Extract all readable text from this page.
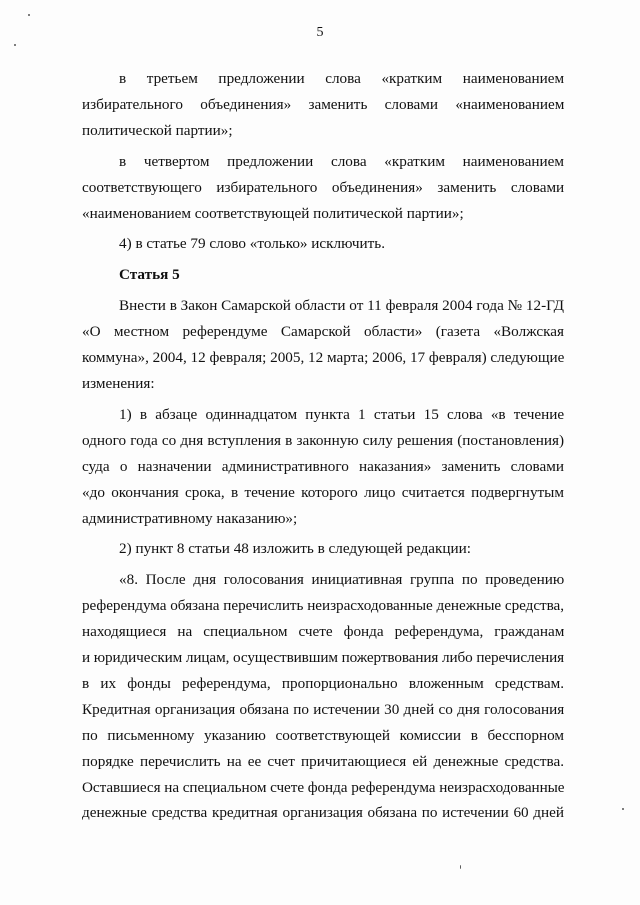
5
в третьем предложении слова «кратким наименованием
избирательного объединения» заменить словами «наименованием
политической партии»;
в четвертом предложении слова «кратким наименованием
соответствующего избирательного объединения» заменить словами
«наименованием соответствующей политической партии»;
4) в статье 79 слово «только» исключить.
Статья 5
Внести в Закон Самарской области от 11 февраля 2004 года № 12-ГД
«О местном референдуме Самарской области» (газета «Волжская
коммуна», 2004, 12 февраля; 2005, 12 марта; 2006, 17 февраля) следующие
изменения:
1) в абзаце одиннадцатом пункта 1 статьи 15 слова «в течение
одного года со дня вступления в законную силу решения (постановления)
суда о назначении административного наказания» заменить словами
«до окончания срока, в течение которого лицо считается подвергнутым
административному наказанию»;
2) пункт 8 статьи 48 изложить в следующей редакции:
«8. После дня голосования инициативная группа по проведению
референдума обязана перечислить неизрасходованные денежные средства,
находящиеся на специальном счете фонда референдума, гражданам
и юридическим лицам, осуществившим пожертвования либо перечисления
в их фонды референдума, пропорционально вложенным средствам.
Кредитная организация обязана по истечении 30 дней со дня голосования
по письменному указанию соответствующей комиссии в бесспорном
порядке перечислить на ее счет причитающиеся ей денежные средства.
Оставшиеся на специальном счете фонда референдума неизрасходованные
денежные средства кредитная организация обязана по истечении 60 дней
